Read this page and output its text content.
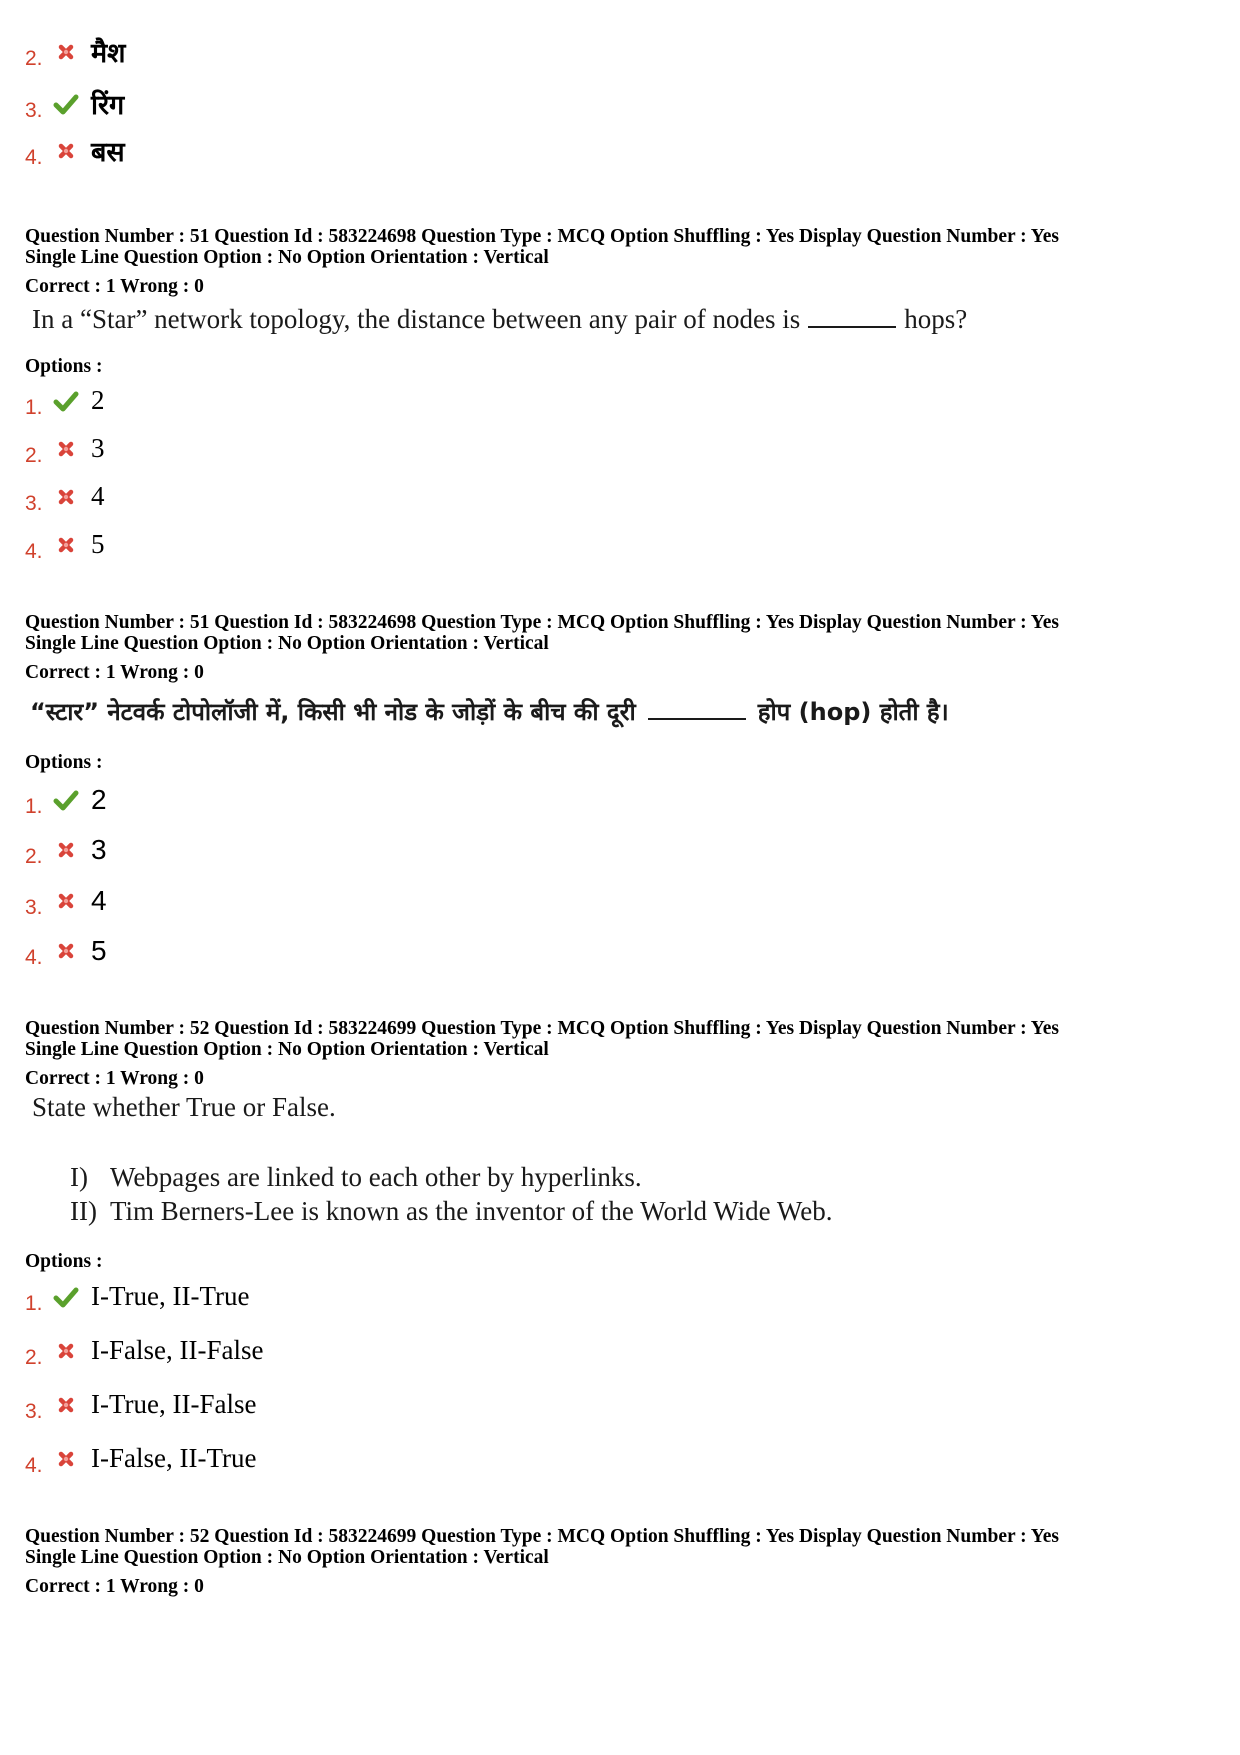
2.	मैश
3.	रिंग
4.	बस
Question Number : 51 Question Id : 583224698 Question Type : MCQ Option Shuffling : Yes Display Question Number : Yes
Single Line Question Option : No Option Orientation : Vertical
Correct : 1 Wrong : 0
In a “Star” network topology, the distance between any pair of nodes is	hops?
Options :
1.	2
2.	3
3.	4
4.	5
Question Number : 51 Question Id : 583224698 Question Type : MCQ Option Shuffling : Yes Display Question Number : Yes
Single Line Question Option : No Option Orientation : Vertical
Correct : 1 Wrong : 0
“स्टार” नेटवर्क टोपोलॉजी में, किसी भी नोड के जोड़ों के बीच की दूरी	होप (hop) होती है।
Options :
1.	2
2.	3
3.	4
4.	5
Question Number : 52 Question Id : 583224699 Question Type : MCQ Option Shuffling : Yes Display Question Number : Yes
Single Line Question Option : No Option Orientation : Vertical
Correct : 1 Wrong : 0
State whether True or False.
I) Webpages are linked to each other by hyperlinks.
II) Tim Berners-Lee is known as the inventor of the World Wide Web.
Options :
1.	I-True, II-True
2.	I-False, II-False
3.	I-True, II-False
4.	I-False, II-True
Question Number : 52 Question Id : 583224699 Question Type : MCQ Option Shuffling : Yes Display Question Number : Yes
Single Line Question Option : No Option Orientation : Vertical
Correct : 1 Wrong : 0
